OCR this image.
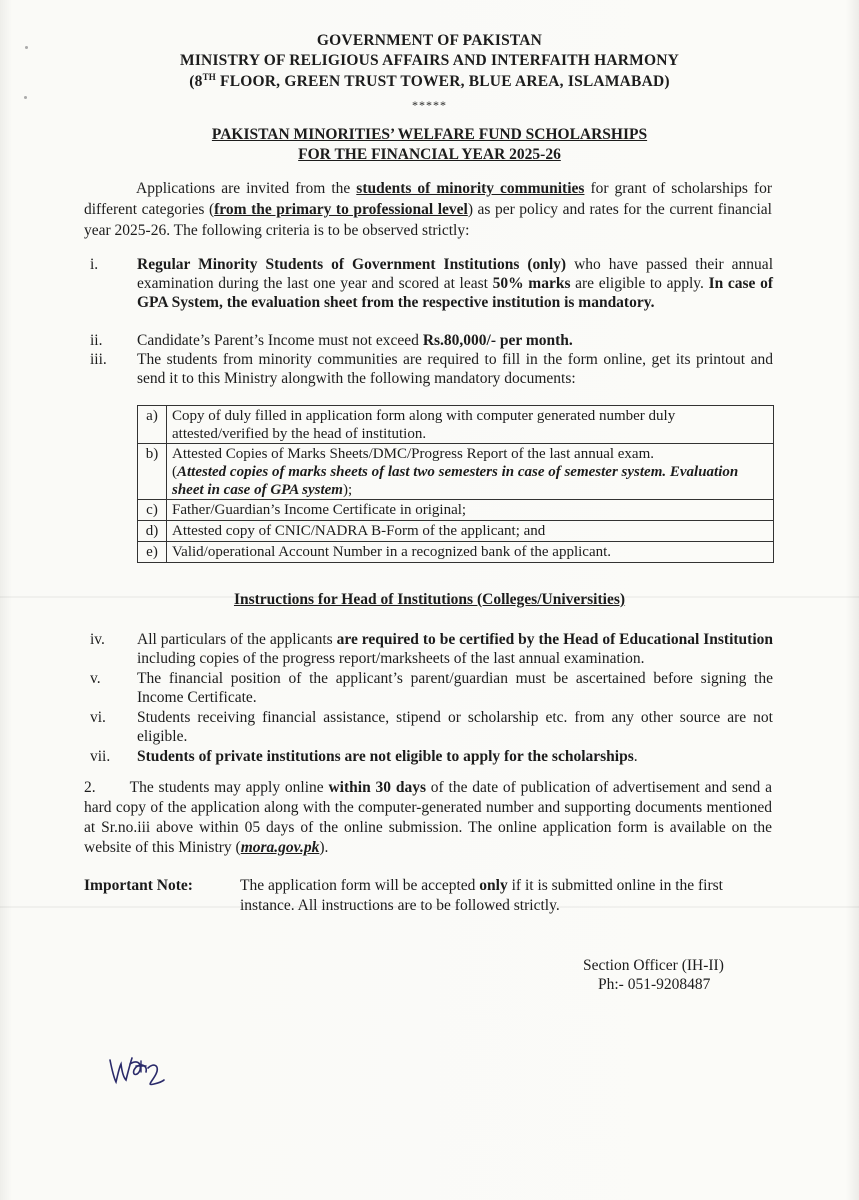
GOVERNMENT OF PAKISTAN
MINISTRY OF RELIGIOUS AFFAIRS AND INTERFAITH HARMONY
(8TH FLOOR, GREEN TRUST TOWER, BLUE AREA, ISLAMABAD)
*****
PAKISTAN MINORITIES’ WELFARE FUND SCHOLARSHIPS
FOR THE FINANCIAL YEAR 2025-26
Applications are invited from the students of minority communities for grant of scholarships for different categories (from the primary to professional level) as per policy and rates for the current financial year 2025-26. The following criteria is to be observed strictly:
i.	Regular Minority Students of Government Institutions (only) who have passed their annual examination during the last one year and scored at least 50% marks are eligible to apply. In case of GPA System, the evaluation sheet from the respective institution is mandatory.
ii.	Candidate’s Parent’s Income must not exceed Rs.80,000/- per month.
iii.	The students from minority communities are required to fill in the form online, get its printout and send it to this Ministry alongwith the following mandatory documents:
a)	Copy of duly filled in application form along with computer generated number duly attested/verified by the head of institution.
b)	Attested Copies of Marks Sheets/DMC/Progress Report of the last annual exam.
(Attested copies of marks sheets of last two semesters in case of semester system. Evaluation sheet in case of GPA system);
c)	Father/Guardian’s Income Certificate in original;
d)	Attested copy of CNIC/NADRA B-Form of the applicant; and
e)	Valid/operational Account Number in a recognized bank of the applicant.
Instructions for Head of Institutions (Colleges/Universities)
iv.	All particulars of the applicants are required to be certified by the Head of Educational Institution including copies of the progress report/marksheets of the last annual examination.
v.	The financial position of the applicant’s parent/guardian must be ascertained before signing the Income Certificate.
vi.	Students receiving financial assistance, stipend or scholarship etc. from any other source are not eligible.
vii.	Students of private institutions are not eligible to apply for the scholarships.
2. The students may apply online within 30 days of the date of publication of advertisement and send a hard copy of the application along with the computer-generated number and supporting documents mentioned at Sr.no.iii above within 05 days of the online submission. The online application form is available on the website of this Ministry (mora.gov.pk).
Important Note:	The application form will be accepted only if it is submitted online in the first instance. All instructions are to be followed strictly.
Section Officer (IH-II)
Ph:- 051-9208487
